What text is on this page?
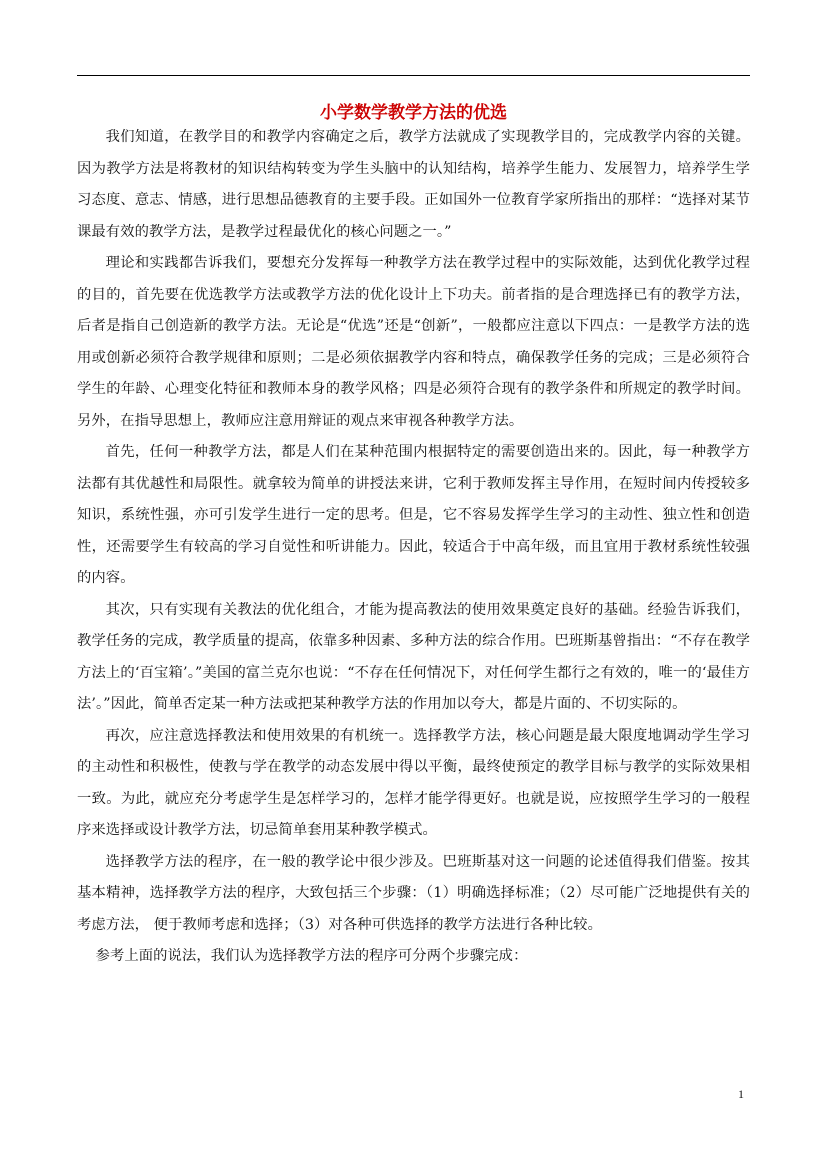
小学数学教学方法的优选

我们知道，在教学目的和教学内容确定之后，教学方法就成了实现教学目的，完成教学内容的关键。因为教学方法是将教材的知识结构转变为学生头脑中的认知结构，培养学生能力、发展智力，培养学生学习态度、意志、情感，进行思想品德教育的主要手段。正如国外一位教育学家所指出的那样：“选择对某节课最有效的教学方法，是教学过程最优化的核心问题之一。”

理论和实践都告诉我们，要想充分发挥每一种教学方法在教学过程中的实际效能，达到优化教学过程的目的，首先要在优选教学方法或教学方法的优化设计上下功夫。前者指的是合理选择已有的教学方法，后者是指自己创造新的教学方法。无论是“优选”还是“创新”，一般都应注意以下四点：一是教学方法的选用或创新必须符合教学规律和原则；二是必须依据教学内容和特点，确保教学任务的完成；三是必须符合学生的年龄、心理变化特征和教师本身的教学风格；四是必须符合现有的教学条件和所规定的教学时间。另外，在指导思想上，教师应注意用辩证的观点来审视各种教学方法。

首先，任何一种教学方法，都是人们在某种范围内根据特定的需要创造出来的。因此，每一种教学方法都有其优越性和局限性。就拿较为简单的讲授法来讲，它利于教师发挥主导作用，在短时间内传授较多知识，系统性强，亦可引发学生进行一定的思考。但是，它不容易发挥学生学习的主动性、独立性和创造性，还需要学生有较高的学习自觉性和听讲能力。因此，较适合于中高年级，而且宜用于教材系统性较强的内容。

其次，只有实现有关教法的优化组合，才能为提高教法的使用效果奠定良好的基础。经验告诉我们，教学任务的完成，教学质量的提高，依靠多种因素、多种方法的综合作用。巴班斯基曾指出：“不存在教学方法上的‘百宝箱’。”美国的富兰克尔也说：“不存在任何情况下，对任何学生都行之有效的，唯一的‘最佳方法’。”因此，简单否定某一种方法或把某种教学方法的作用加以夸大，都是片面的、不切实际的。

再次，应注意选择教法和使用效果的有机统一。选择教学方法，核心问题是最大限度地调动学生学习的主动性和积极性，使教与学在教学的动态发展中得以平衡，最终使预定的教学目标与教学的实际效果相一致。为此，就应充分考虑学生是怎样学习的，怎样才能学得更好。也就是说，应按照学生学习的一般程序来选择或设计教学方法，切忌简单套用某种教学模式。

选择教学方法的程序，在一般的教学论中很少涉及。巴班斯基对这一问题的论述值得我们借鉴。按其基本精神，选择教学方法的程序，大致包括三个步骤：（1）明确选择标准；（2）尽可能广泛地提供有关的考虑方法， 便于教师考虑和选择；（3）对各种可供选择的教学方法进行各种比较。

参考上面的说法，我们认为选择教学方法的程序可分两个步骤完成：

1
